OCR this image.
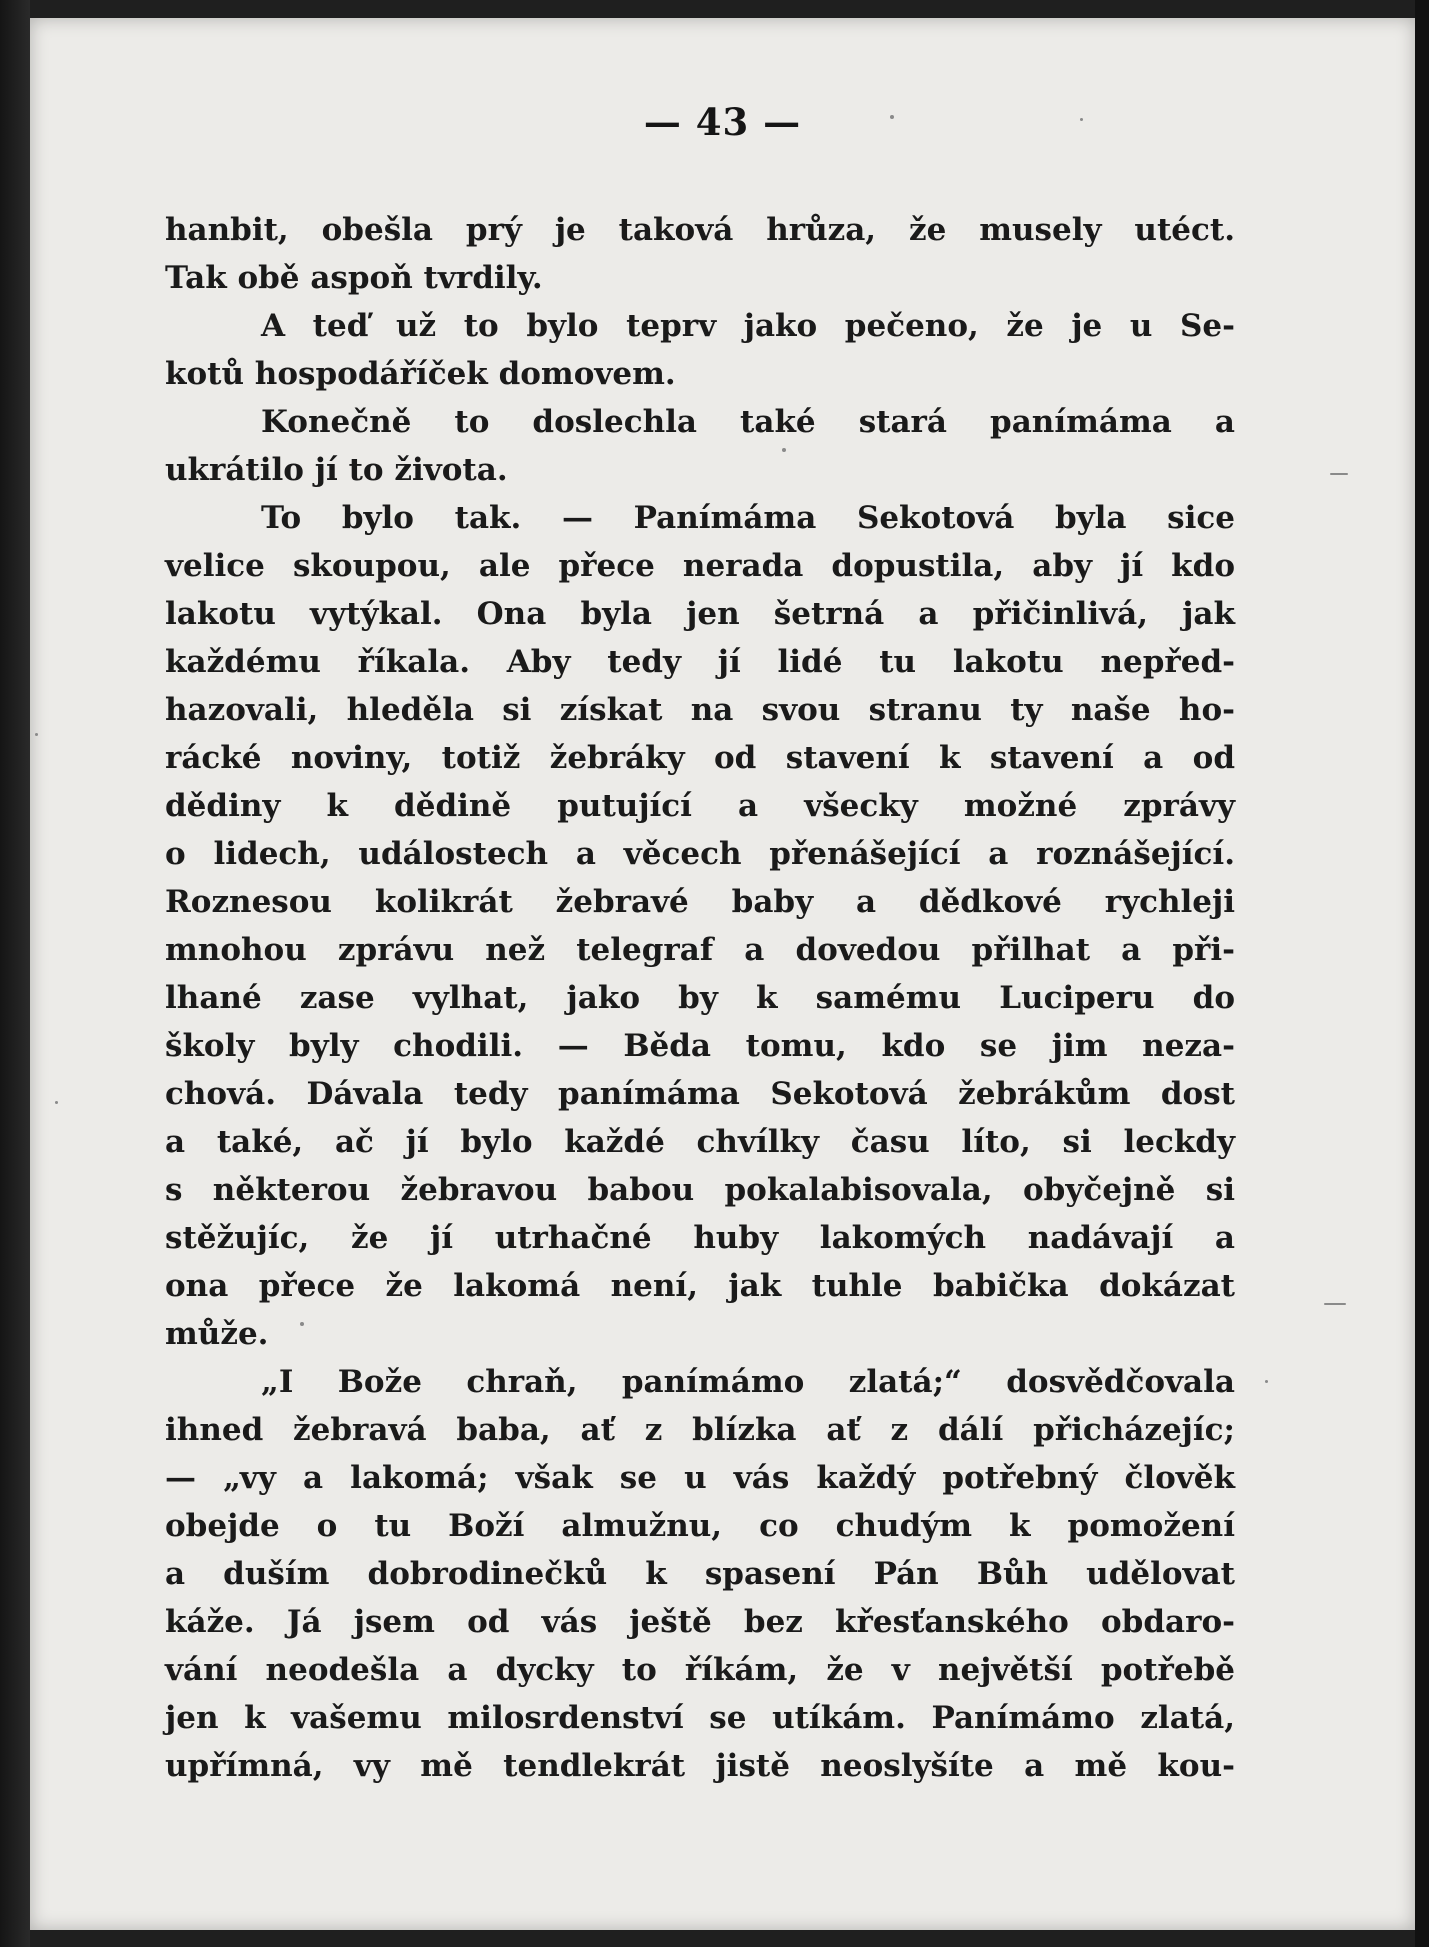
— 43 —
hanbit, obešla prý je taková hrůza, že musely utéct.
Tak obě aspoň tvrdily.
A teď už to bylo teprv jako pečeno, že je u Se-
kotů hospodáříček domovem.
Konečně to doslechla také stará panímáma a
ukrátilo jí to života.
To bylo tak. — Panímáma Sekotová byla sice
velice skoupou, ale přece nerada dopustila, aby jí kdo
lakotu vytýkal. Ona byla jen šetrná a přičinlivá, jak
každému říkala. Aby tedy jí lidé tu lakotu nepřed-
hazovali, hleděla si získat na svou stranu ty naše ho-
rácké noviny, totiž žebráky od stavení k stavení a od
dědiny k dědině putující a všecky možné zprávy
o lidech, událostech a věcech přenášející a roznášející.
Roznesou kolikrát žebravé baby a dědkové rychleji
mnohou zprávu než telegraf a dovedou přilhat a při-
lhané zase vylhat, jako by k samému Luciperu do
školy byly chodili. — Běda tomu, kdo se jim neza-
chová. Dávala tedy panímáma Sekotová žebrákům dost
a také, ač jí bylo každé chvílky času líto, si leckdy
s některou žebravou babou pokalabisovala, obyčejně si
stěžujíc, že jí utrhačné huby lakomých nadávají a
ona přece že lakomá není, jak tuhle babička dokázat
může.
„I Bože chraň, panímámo zlatá;“ dosvědčovala
ihned žebravá baba, ať z blízka ať z dálí přicházejíc;
— „vy a lakomá; však se u vás každý potřebný člověk
obejde o tu Boží almužnu, co chudým k pomožení
a duším dobrodinečků k spasení Pán Bůh udělovat
káže. Já jsem od vás ještě bez křesťanského obdaro-
vání neodešla a dycky to říkám, že v největší potřebě
jen k vašemu milosrdenství se utíkám. Panímámo zlatá,
upřímná, vy mě tendlekrát jistě neoslyšíte a mě kou-
